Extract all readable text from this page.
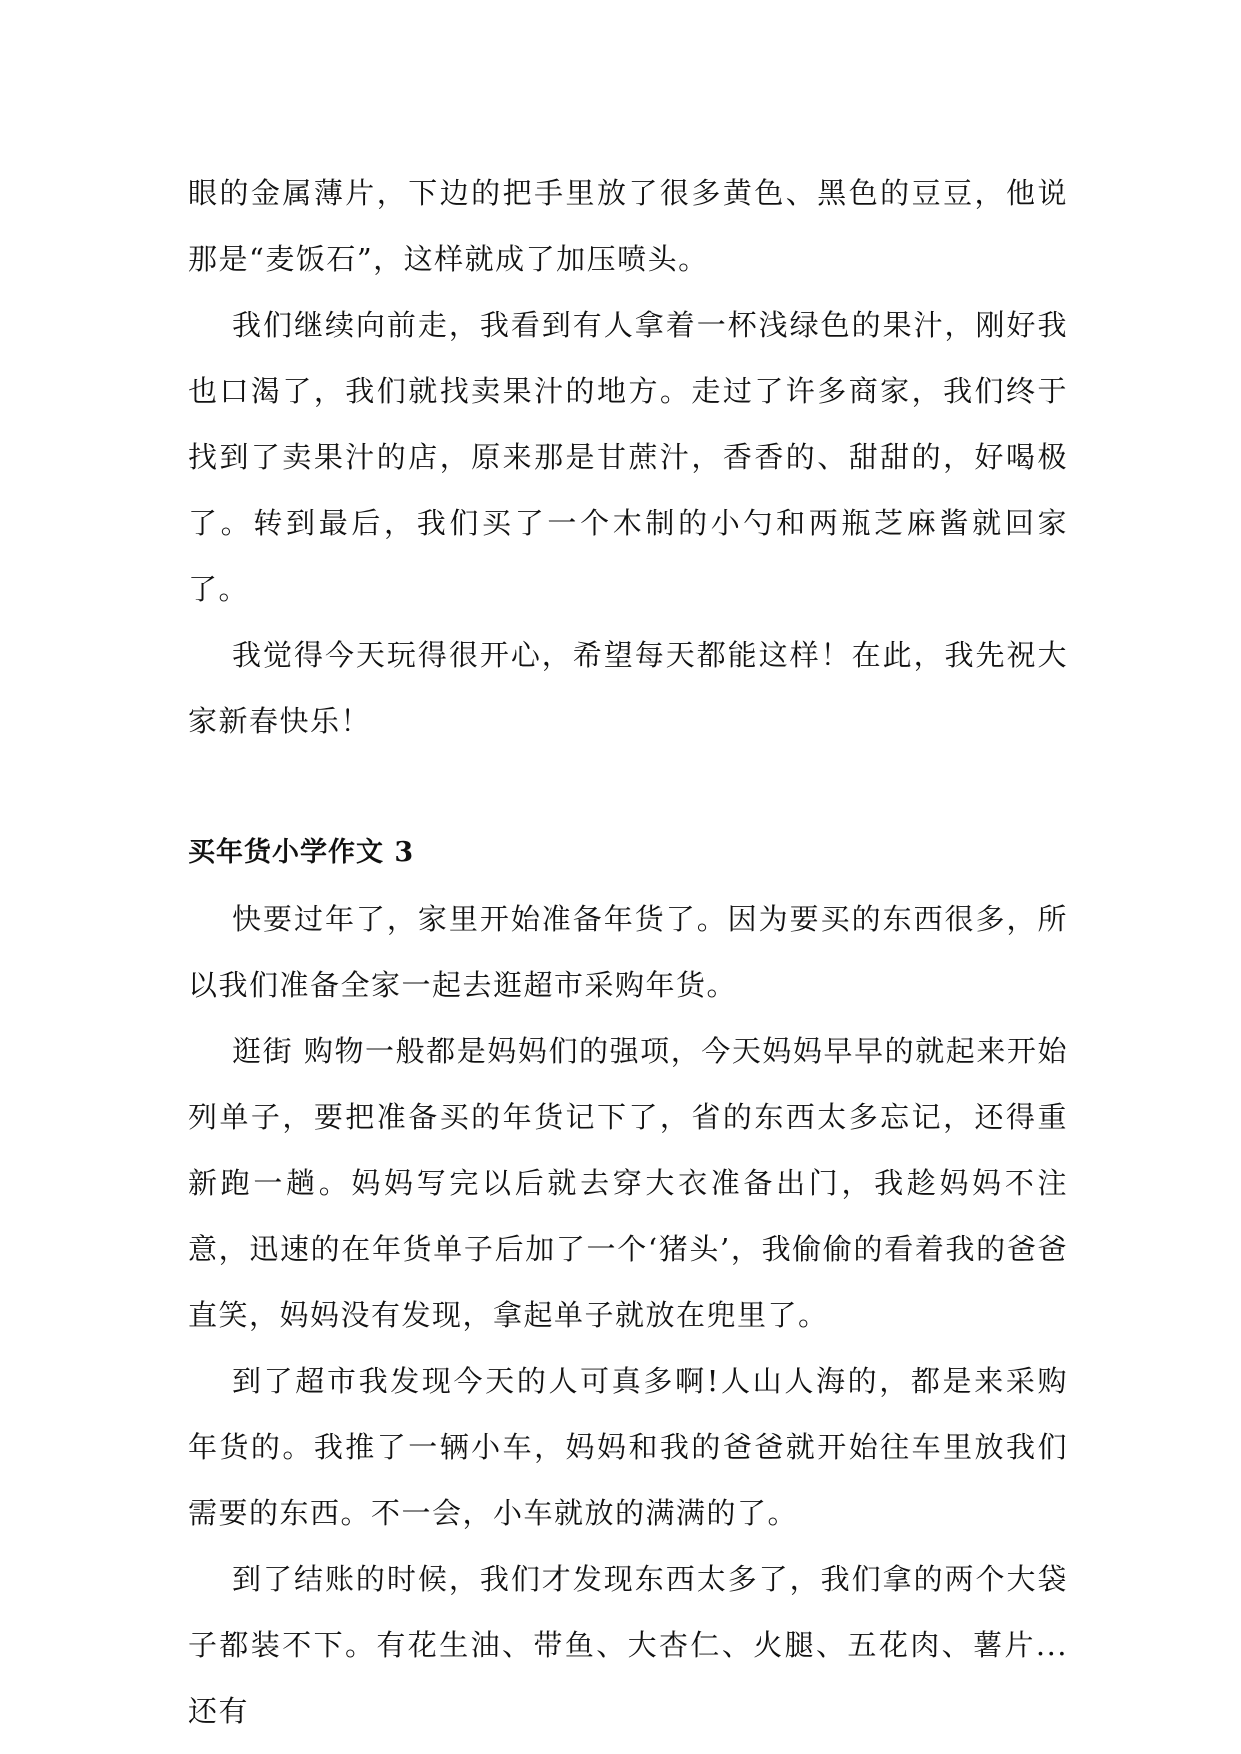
眼的金属薄片，下边的把手里放了很多黄色、黑色的豆豆，他说那是“麦饭石”，这样就成了加压喷头。

我们继续向前走，我看到有人拿着一杯浅绿色的果汁，刚好我也口渴了，我们就找卖果汁的地方。走过了许多商家，我们终于找到了卖果汁的店，原来那是甘蔗汁，香香的、甜甜的，好喝极了。转到最后，我们买了一个木制的小勺和两瓶芝麻酱就回家了。

我觉得今天玩得很开心，希望每天都能这样！在此，我先祝大家新春快乐！

买年货小学作文 3

快要过年了，家里开始准备年货了。因为要买的东西很多，所以我们准备全家一起去逛超市采购年货。

逛街 购物一般都是妈妈们的强项，今天妈妈早早的就起来开始列单子，要把准备买的年货记下了，省的东西太多忘记，还得重新跑一趟。妈妈写完以后就去穿大衣准备出门，我趁妈妈不注意，迅速的在年货单子后加了一个‘猪头’，我偷偷的看着我的爸爸直笑，妈妈没有发现，拿起单子就放在兜里了。

到了超市我发现今天的人可真多啊!人山人海的，都是来采购年货的。我推了一辆小车，妈妈和我的爸爸就开始往车里放我们需要的东西。不一会，小车就放的满满的了。

到了结账的时候，我们才发现东西太多了，我们拿的两个大袋子都装不下。有花生油、带鱼、大杏仁、火腿、五花肉、薯片...还有
